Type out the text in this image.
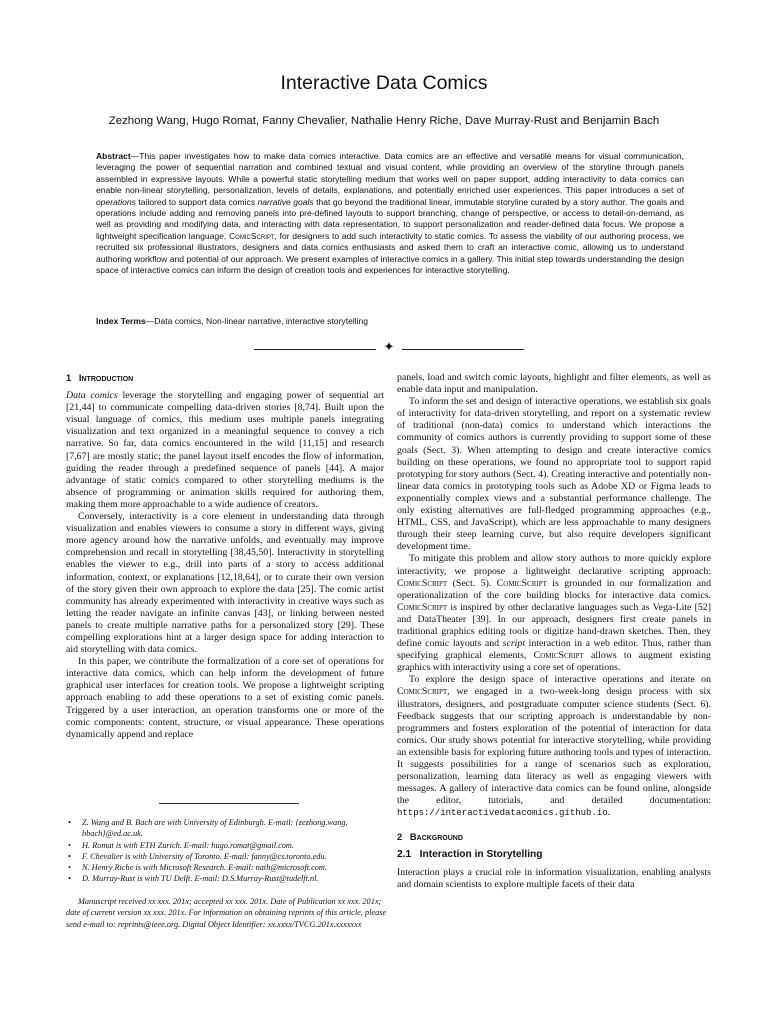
Interactive Data Comics
Zezhong Wang, Hugo Romat, Fanny Chevalier, Nathalie Henry Riche, Dave Murray-Rust and Benjamin Bach
Abstract—This paper investigates how to make data comics interactive. Data comics are an effective and versatile means for visual communication, leveraging the power of sequential narration and combined textual and visual content, while providing an overview of the storyline through panels assembled in expressive layouts. While a powerful static storytelling medium that works well on paper support, adding interactivity to data comics can enable non-linear storytelling, personalization, levels of details, explanations, and potentially enriched user experiences. This paper introduces a set of operations tailored to support data comics narrative goals that go beyond the traditional linear, immutable storyline curated by a story author. The goals and operations include adding and removing panels into pre-defined layouts to support branching, change of perspective, or access to detail-on-demand, as well as providing and modifying data, and interacting with data representation, to support personalization and reader-defined data focus. We propose a lightweight specification language, ComicScript, for designers to add such interactivity to static comics. To assess the viability of our authoring process, we recruited six professional illustrators, designers and data comics enthusiasts and asked them to craft an interactive comic, allowing us to understand authoring workflow and potential of our approach. We present examples of interactive comics in a gallery. This initial step towards understanding the design space of interactive comics can inform the design of creation tools and experiences for interactive storytelling.
Index Terms—Data comics, Non-linear narrative, interactive storytelling
✦
1 Introduction

Data comics leverage the storytelling and engaging power of sequential art [21,44] to communicate compelling data-driven stories [8,74]. Built upon the visual language of comics, this medium uses multiple panels integrating visualization and text organized in a meaningful sequence to convey a rich narrative. So far, data comics encountered in the wild [11,15] and research [7,67] are mostly static; the panel layout itself encodes the flow of information, guiding the reader through a predefined sequence of panels [44]. A major advantage of static comics compared to other storytelling mediums is the absence of programming or animation skills required for authoring them, making them more approachable to a wide audience of creators.

Conversely, interactivity is a core element in understanding data through visualization and enables viewers to consume a story in different ways, giving more agency around how the narrative unfolds, and eventually may improve comprehension and recall in storytelling [38,45,50]. Interactivity in storytelling enables the viewer to e.g., drill into parts of a story to access additional information, context, or explanations [12,18,64], or to curate their own version of the story given their own approach to explore the data [25]. The comic artist community has already experimented with interactivity in creative ways such as letting the reader navigate an infinite canvas [43], or linking between nested panels to create multiple narrative paths for a personalized story [29]. These compelling explorations hint at a larger design space for adding interaction to aid storytelling with data comics.

In this paper, we contribute the formalization of a core set of operations for interactive data comics, which can help inform the development of future graphical user interfaces for creation tools. We propose a lightweight scripting approach enabling to add these operations to a set of existing comic panels. Triggered by a user interaction, an operation transforms one or more of the comic components: content, structure, or visual appearance. These operations dynamically append and replace

• Z. Wang and B. Bach are with University of Edinburgh. E-mail: {zezhong.wang, bbach}@ed.ac.uk.
• H. Romat is with ETH Zurich. E-mail: hugo.romat@gmail.com.
• F. Chevalier is with University of Toronto. E-mail: fanny@cs.toronto.edu.
• N. Henry Riche is with Microsoft Research. E-mail: nath@microsoft.com.
• D. Murray-Rust is with TU Delft. E-mail: D.S.Murray-Rust@tudelft.nl.
Manuscript received xx xxx. 201x; accepted xx xxx. 201x. Date of Publication xx xxx. 201x; date of current version xx xxx. 201x. For information on obtaining reprints of this article, please send e-mail to: reprints@ieee.org. Digital Object Identifier: xx.xxxx/TVCG.201x.xxxxxxx

panels, load and switch comic layouts, highlight and filter elements, as well as enable data input and manipulation.

To inform the set and design of interactive operations, we establish six goals of interactivity for data-driven storytelling, and report on a systematic review of traditional (non-data) comics to understand which interactions the community of comics authors is currently providing to support some of these goals (Sect. 3). When attempting to design and create interactive comics building on these operations, we found no appropriate tool to support rapid prototyping for story authors (Sect. 4). Creating interactive and potentially non-linear data comics in prototyping tools such as Adobe XD or Figma leads to exponentially complex views and a substantial performance challenge. The only existing alternatives are full-fledged programming approaches (e.g., HTML, CSS, and JavaScript), which are less approachable to many designers through their steep learning curve, but also require developers significant development time.

To mitigate this problem and allow story authors to more quickly explore interactivity, we propose a lightweight declarative scripting approach: ComicScript (Sect. 5). ComicScript is grounded in our formalization and operationalization of the core building blocks for interactive data comics. ComicScript is inspired by other declarative languages such as Vega-Lite [52] and DataTheater [39]. In our approach, designers first create panels in traditional graphics editing tools or digitize hand-drawn sketches. Then, they define comic layouts and script interaction in a web editor. Thus, rather than specifying graphical elements, ComicScript allows to augment existing graphics with interactivity using a core set of operations.

To explore the design space of interactive operations and iterate on ComicScript, we engaged in a two-week-long design process with six illustrators, designers, and postgraduate computer science students (Sect. 6). Feedback suggests that our scripting approach is understandable by non-programmers and fosters exploration of the potential of interaction for data comics. Our study shows potential for interactive storytelling, while providing an extensible basis for exploring future authoring tools and types of interaction. It suggests possibilities for a range of scenarios such as exploration, personalization, learning data literacy as well as engaging viewers with messages. A gallery of interactive data comics can be found online, alongside the editor, tutorials, and detailed documentation: https://interactivedatacomics.github.io.

2 Background
2.1 Interaction in Storytelling

Interaction plays a crucial role in information visualization, enabling analysts and domain scientists to explore multiple facets of their data
